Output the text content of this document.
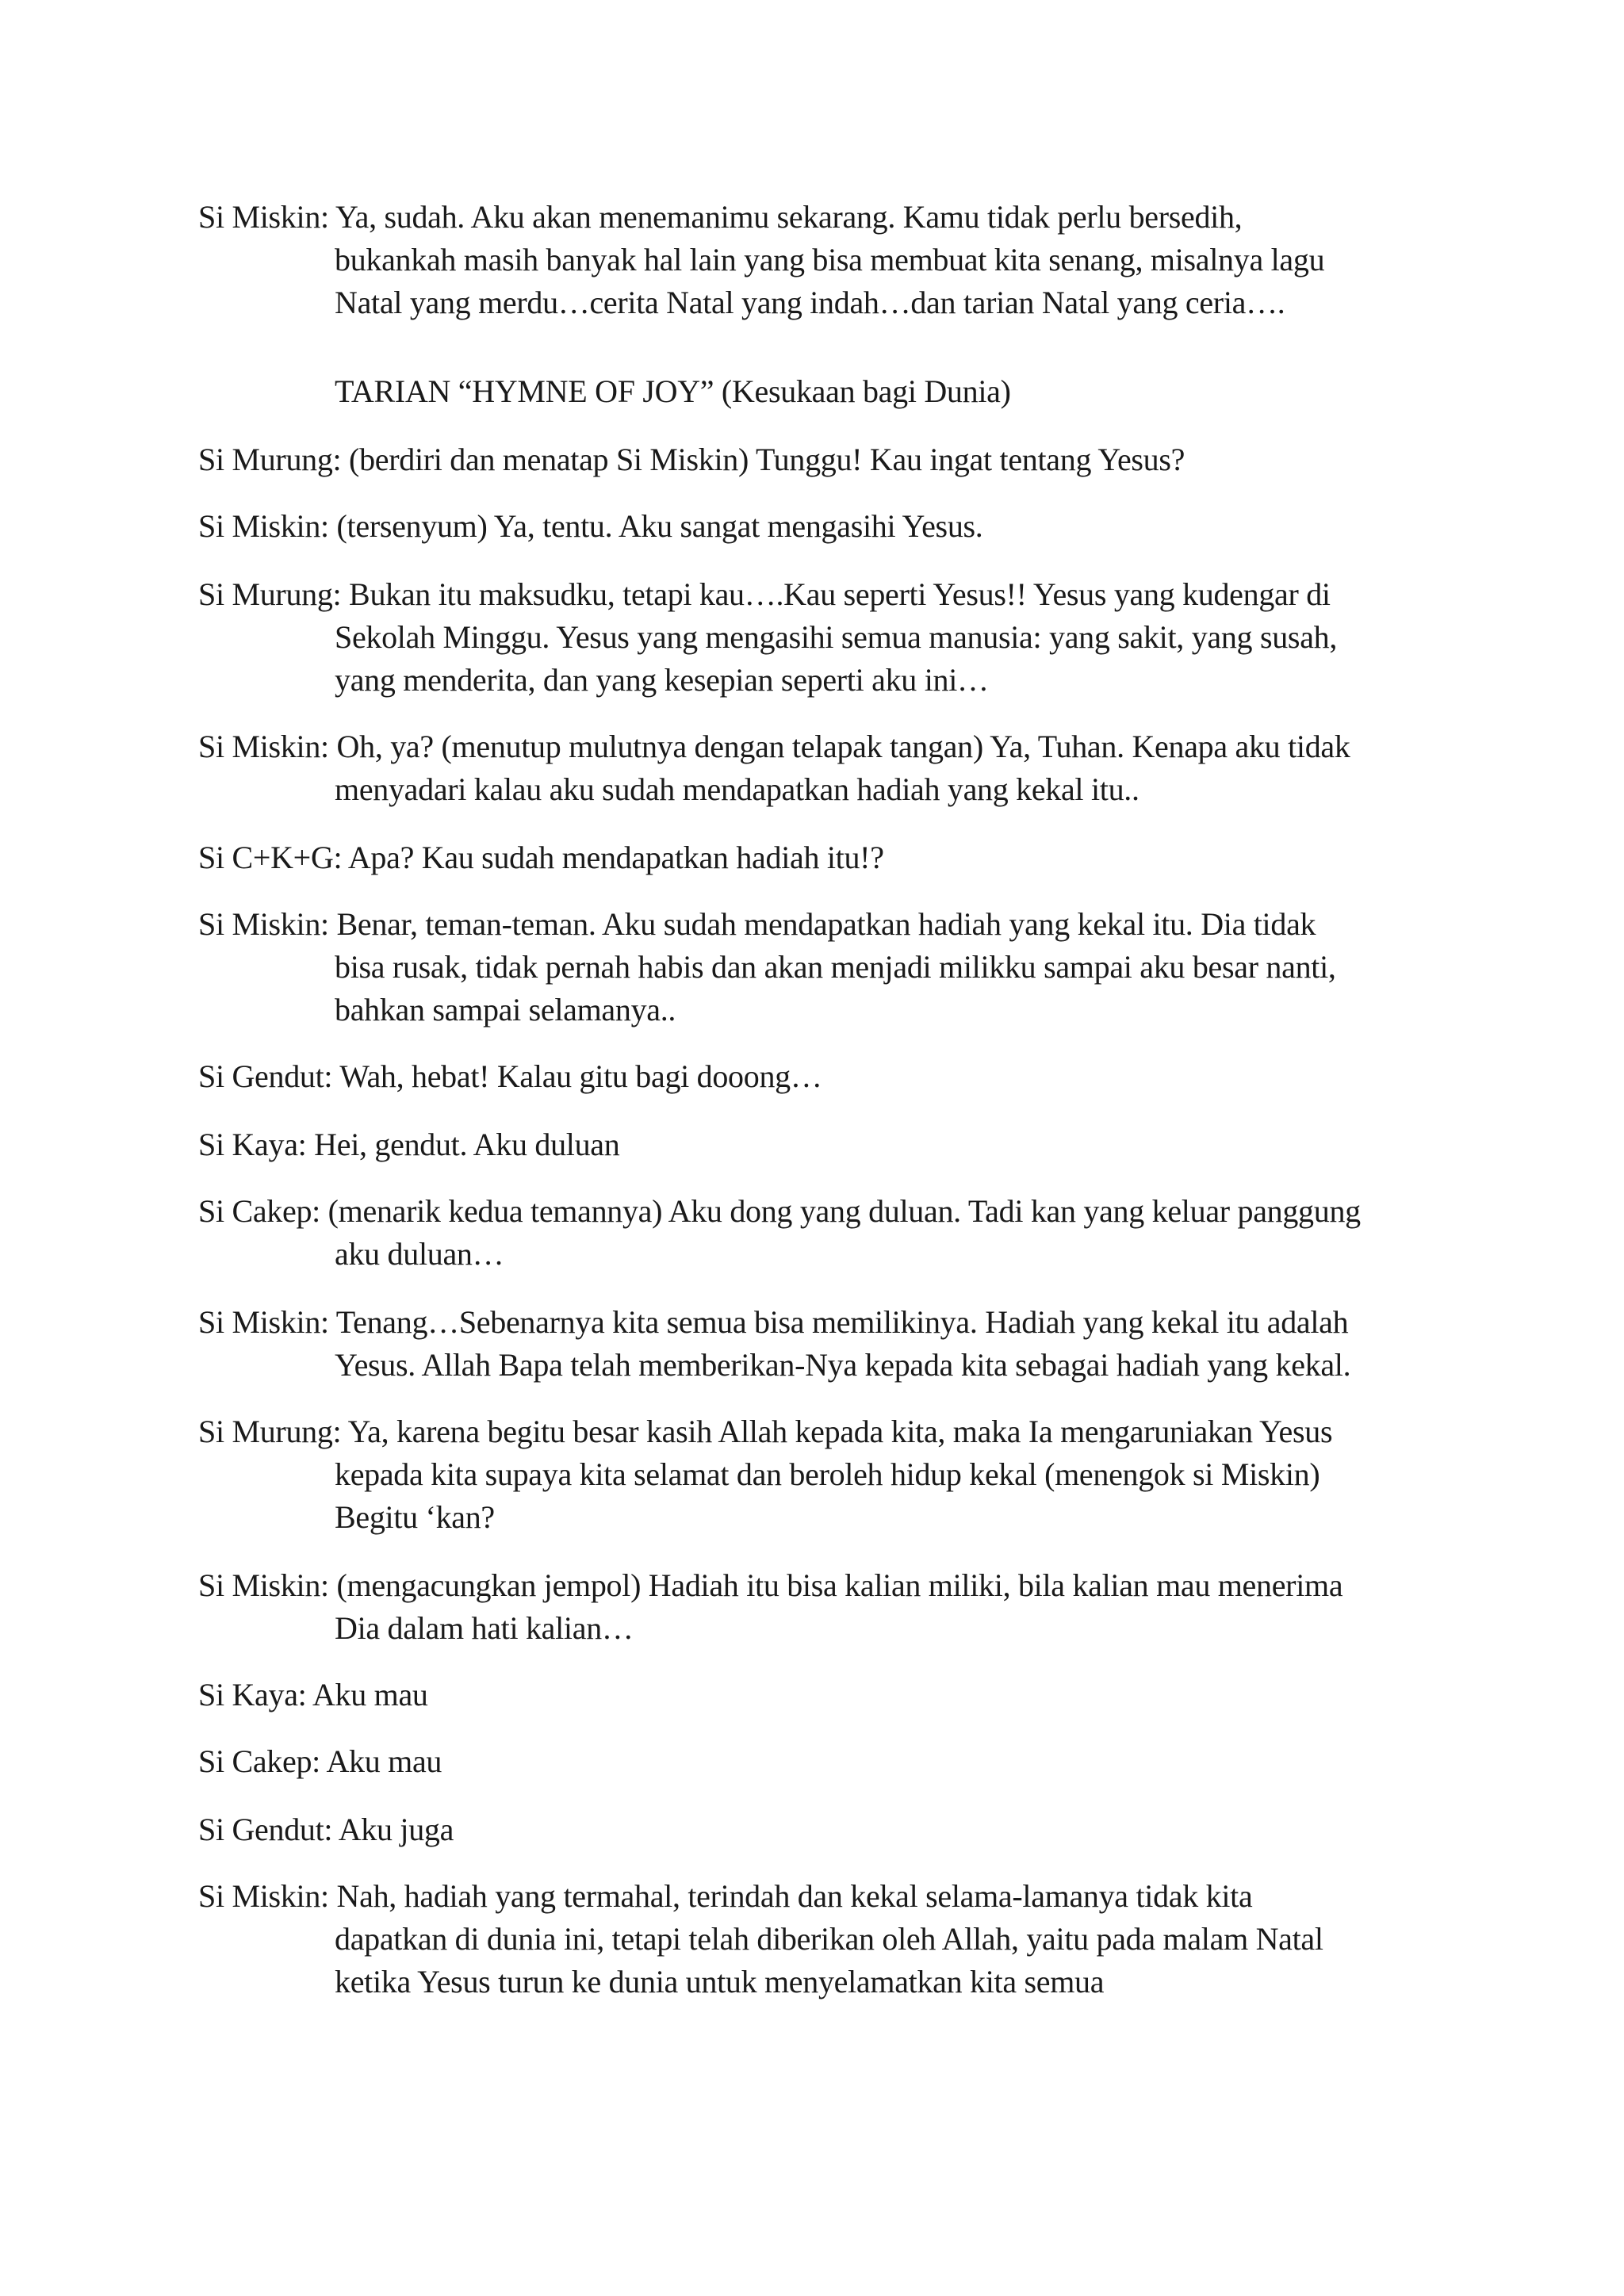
Si Miskin: Ya, sudah. Aku akan menemanimu sekarang. Kamu tidak perlu bersedih,
bukankah masih banyak hal lain yang bisa membuat kita senang, misalnya lagu
Natal yang merdu…cerita Natal yang indah…dan tarian Natal yang ceria….
TARIAN “HYMNE OF JOY” (Kesukaan bagi Dunia)
Si Murung: (berdiri dan menatap Si Miskin) Tunggu! Kau ingat tentang Yesus?
Si Miskin: (tersenyum) Ya, tentu. Aku sangat mengasihi Yesus.
Si Murung: Bukan itu maksudku, tetapi kau….Kau seperti Yesus!! Yesus yang kudengar di
Sekolah Minggu. Yesus yang mengasihi semua manusia: yang sakit, yang susah,
yang menderita, dan yang kesepian seperti aku ini…
Si Miskin: Oh, ya? (menutup mulutnya dengan telapak tangan) Ya, Tuhan. Kenapa aku tidak
menyadari kalau aku sudah mendapatkan hadiah yang kekal itu..
Si C+K+G: Apa? Kau sudah mendapatkan hadiah itu!?
Si Miskin: Benar, teman-teman. Aku sudah mendapatkan hadiah yang kekal itu. Dia tidak
bisa rusak, tidak pernah habis dan akan menjadi milikku sampai aku besar nanti,
bahkan sampai selamanya..
Si Gendut: Wah, hebat! Kalau gitu bagi dooong…
Si Kaya: Hei, gendut. Aku duluan
Si Cakep: (menarik kedua temannya) Aku dong yang duluan. Tadi kan yang keluar panggung
aku duluan…
Si Miskin: Tenang…Sebenarnya kita semua bisa memilikinya. Hadiah yang kekal itu adalah
Yesus. Allah Bapa telah memberikan-Nya kepada kita sebagai hadiah yang kekal.
Si Murung: Ya, karena begitu besar kasih Allah kepada kita, maka Ia mengaruniakan Yesus
kepada kita supaya kita selamat dan beroleh hidup kekal (menengok si Miskin)
Begitu ‘kan?
Si Miskin: (mengacungkan jempol) Hadiah itu bisa kalian miliki, bila kalian mau menerima
Dia dalam hati kalian…
Si Kaya: Aku mau
Si Cakep: Aku mau
Si Gendut: Aku juga
Si Miskin: Nah, hadiah yang termahal, terindah dan kekal selama-lamanya tidak kita
dapatkan di dunia ini, tetapi telah diberikan oleh Allah, yaitu pada malam Natal
ketika Yesus turun ke dunia untuk menyelamatkan kita semua
